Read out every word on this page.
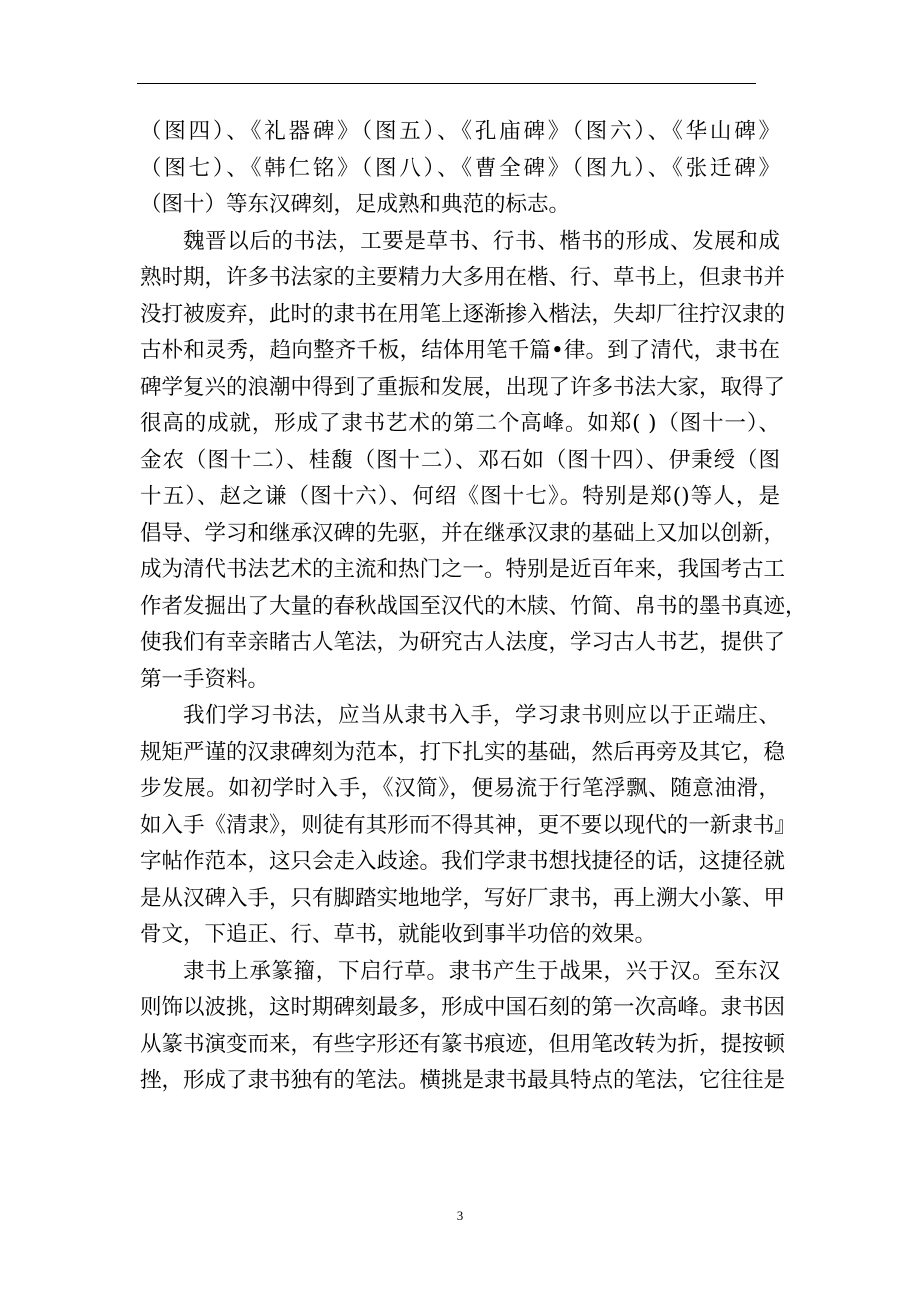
（图四）、《礼器碑》（图五）、《孔庙碑》（图六）、《华山碑》
（图七）、《韩仁铭》（图八）、《曹全碑》（图九）、《张迁碑》
（图十）等东汉碑刻，足成熟和典范的标志。
魏晋以后的书法，工要是草书、行书、楷书的形成、发展和成
熟时期，许多书法家的主要精力大多用在楷、行、草书上，但隶书并
没打被废弃，此时的隶书在用笔上逐渐掺入楷法，失却厂往拧汉隶的
古朴和灵秀，趋向整齐千板，结体用笔千篇•律。到了清代，隶书在
碑学复兴的浪潮中得到了重振和发展，出现了许多书法大家，取得了
很高的成就，形成了隶书艺术的第二个高峰。如郑( )（图十一）、
金农（图十二）、桂馥（图十二）、邓石如（图十四）、伊秉绶（图
十五）、赵之谦（图十六）、何绍《图十七》。特别是郑()等人，是
倡导、学习和继承汉碑的先驱，并在继承汉隶的基础上又加以创新，
成为清代书法艺术的主流和热门之一。特别是近百年来，我国考古工
作者发掘出了大量的春秋战国至汉代的木牍、竹简、帛书的墨书真迹，
使我们有幸亲睹古人笔法，为研究古人法度，学习古人书艺，提供了
第一手资料。
我们学习书法，应当从隶书入手，学习隶书则应以于正端庄、
规矩严谨的汉隶碑刻为范本，打下扎实的基础，然后再旁及其它，稳
步发展。如初学时入手，《汉简》，便易流于行笔浮飘、随意油滑，
如入手《清隶》，则徒有其形而不得其神，更不要以现代的一新隶书』
字帖作范本，这只会走入歧途。我们学隶书想找捷径的话，这捷径就
是从汉碑入手，只有脚踏实地地学，写好厂隶书，再上溯大小篆、甲
骨文，下追正、行、草书，就能收到事半功倍的效果。
隶书上承篆籀，下启行草。隶书产生于战果，兴于汉。至东汉
则饰以波挑，这时期碑刻最多，形成中国石刻的第一次高峰。隶书因
从篆书演变而来，有些字形还有篆书痕迹，但用笔改转为折，提按顿
挫，形成了隶书独有的笔法。横挑是隶书最具特点的笔法，它往往是
3
